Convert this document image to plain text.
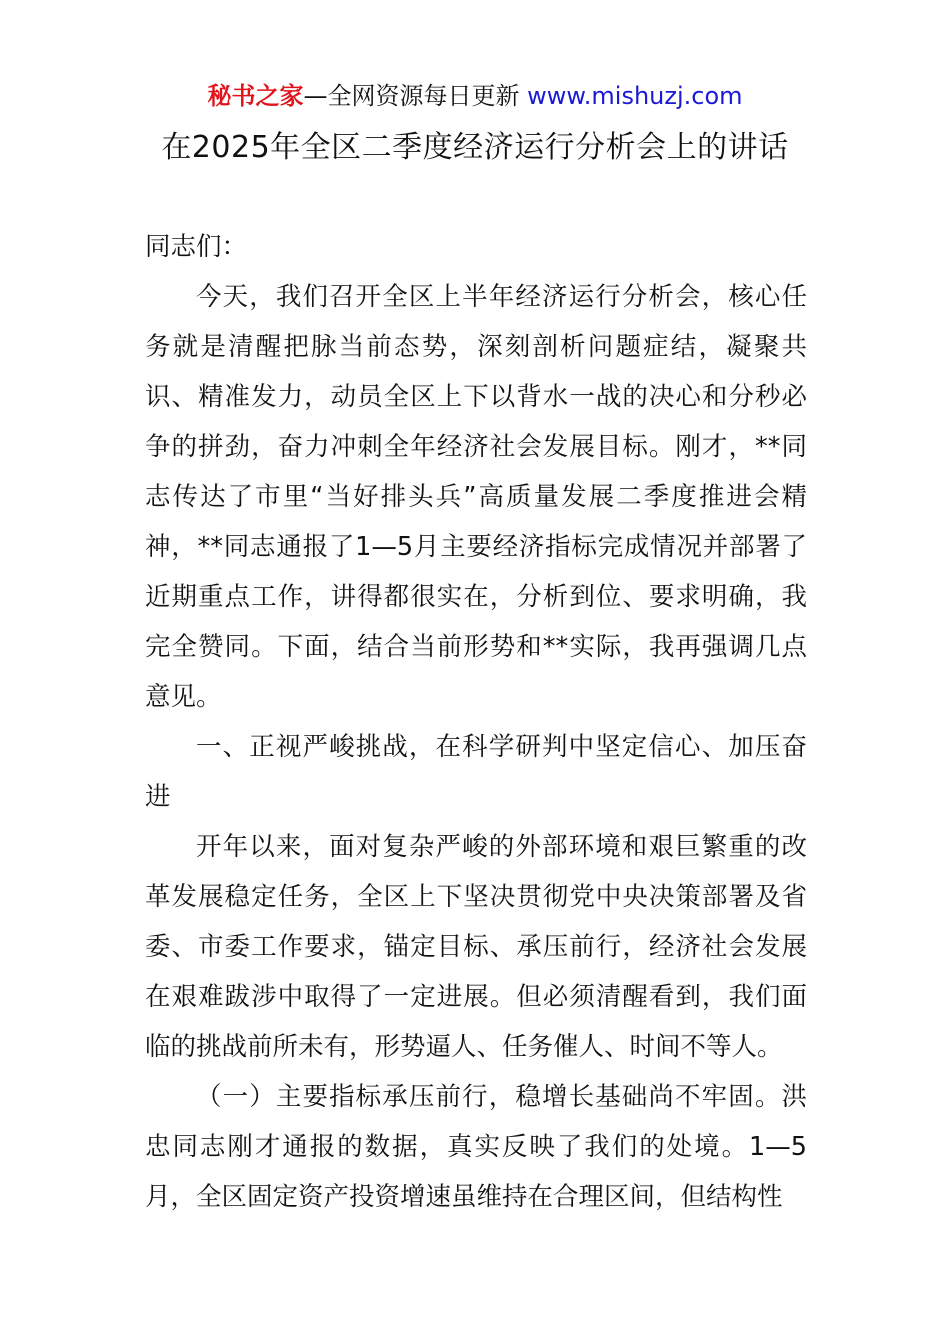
秘书之家—全网资源每日更新 www.mishuzj.com
在2025年全区二季度经济运行分析会上的讲话

同志们：

今天，我们召开全区上半年经济运行分析会，核心任务就是清醒把脉当前态势，深刻剖析问题症结，凝聚共识、精准发力，动员全区上下以背水一战的决心和分秒必争的拼劲，奋力冲刺全年经济社会发展目标。刚才，**同志传达了市里“当好排头兵”高质量发展二季度推进会精神，**同志通报了1—5月主要经济指标完成情况并部署了近期重点工作，讲得都很实在，分析到位、要求明确，我完全赞同。下面，结合当前形势和**实际，我再强调几点意见。

一、正视严峻挑战，在科学研判中坚定信心、加压奋进

开年以来，面对复杂严峻的外部环境和艰巨繁重的改革发展稳定任务，全区上下坚决贯彻党中央决策部署及省委、市委工作要求，锚定目标、承压前行，经济社会发展在艰难跋涉中取得了一定进展。但必须清醒看到，我们面临的挑战前所未有，形势逼人、任务催人、时间不等人。

（一）主要指标承压前行，稳增长基础尚不牢固。洪忠同志刚才通报的数据，真实反映了我们的处境。1—5月，全区固定资产投资增速虽维持在合理区间，但结构性
